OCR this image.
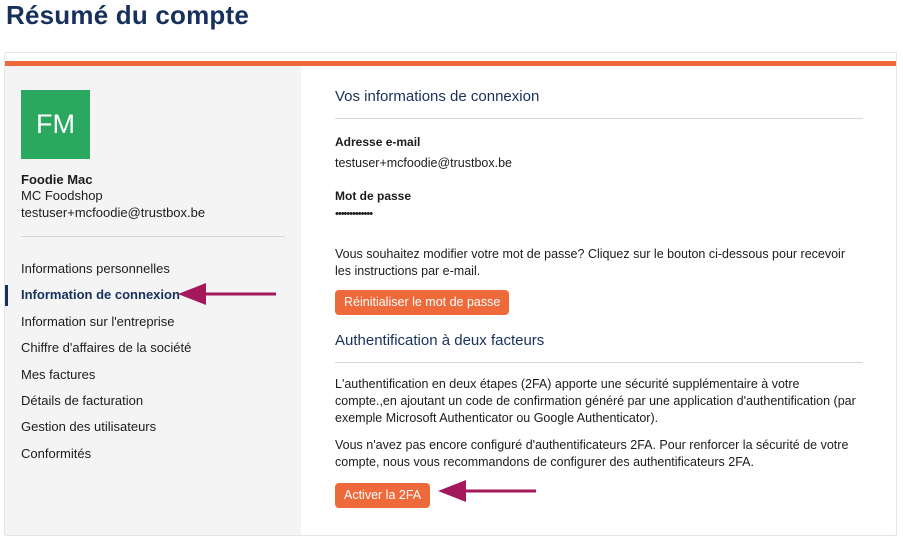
Résumé du compte
FM
Foodie Mac
MC Foodshop
testuser+mcfoodie@trustbox.be
Informations personnelles
Information de connexion
Information sur l'entreprise
Chiffre d'affaires de la société
Mes factures
Détails de facturation
Gestion des utilisateurs
Conformités
Vos informations de connexion
Adresse e-mail
testuser+mcfoodie@trustbox.be
Mot de passe
•••••••••••••
Vous souhaitez modifier votre mot de passe? Cliquez sur le bouton ci-dessous pour recevoir les instructions par e-mail.
Réinitialiser le mot de passe
Authentification à deux facteurs
L'authentification en deux étapes (2FA) apporte une sécurité supplémentaire à votre compte.,en ajoutant un code de confirmation généré par une application d'authentification (par exemple Microsoft Authenticator ou Google Authenticator).
Vous n'avez pas encore configuré d'authentificateurs 2FA. Pour renforcer la sécurité de votre compte, nous vous recommandons de configurer des authentificateurs 2FA.
Activer la 2FA
